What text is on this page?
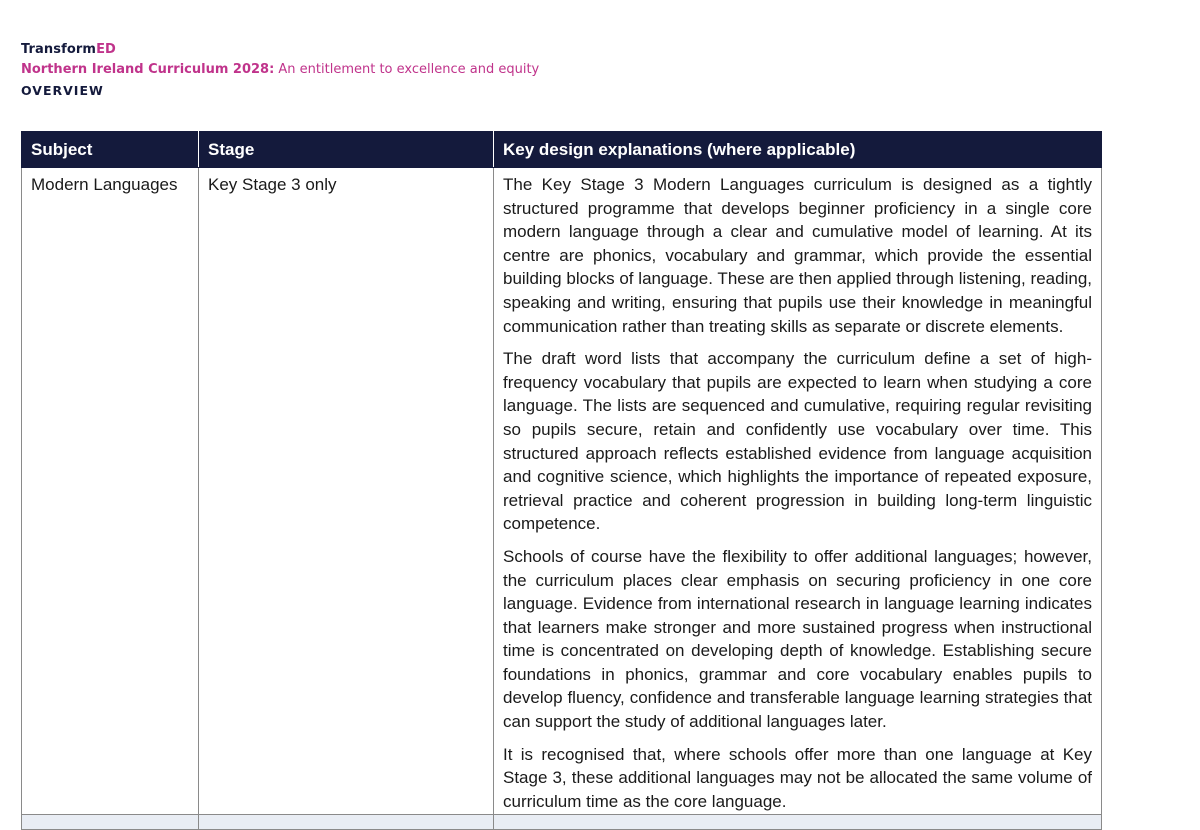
TransformED
Northern Ireland Curriculum 2028: An entitlement to excellence and equity
OVERVIEW
Subject	Stage	Key design explanations (where applicable)
Modern Languages	Key Stage 3 only	The Key Stage 3 Modern Languages curriculum is designed as a tightly structured programme that develops beginner proficiency in a single core modern language through a clear and cumulative model of learning. At its centre are phonics, vocabulary and grammar, which provide the essential building blocks of language. These are then applied through listening, reading, speaking and writing, ensuring that pupils use their knowledge in meaningful communication rather than treating skills as separate or discrete elements.

The draft word lists that accompany the curriculum define a set of high-frequency vocabulary that pupils are expected to learn when studying a core language. The lists are sequenced and cumulative, requiring regular revisiting so pupils secure, retain and confidently use vocabulary over time. This structured approach reflects established evidence from language acquisition and cognitive science, which highlights the importance of repeated exposure, retrieval practice and coherent progression in building long-term linguistic competence.

Schools of course have the flexibility to offer additional languages; however, the curriculum places clear emphasis on securing proficiency in one core language. Evidence from international research in language learning indicates that learners make stronger and more sustained progress when instructional time is concentrated on developing depth of knowledge. Establishing secure foundations in phonics, grammar and core vocabulary enables pupils to develop fluency, confidence and transferable language learning strategies that can support the study of additional languages later.

It is recognised that, where schools offer more than one language at Key Stage 3, these additional languages may not be allocated the same volume of curriculum time as the core language.
